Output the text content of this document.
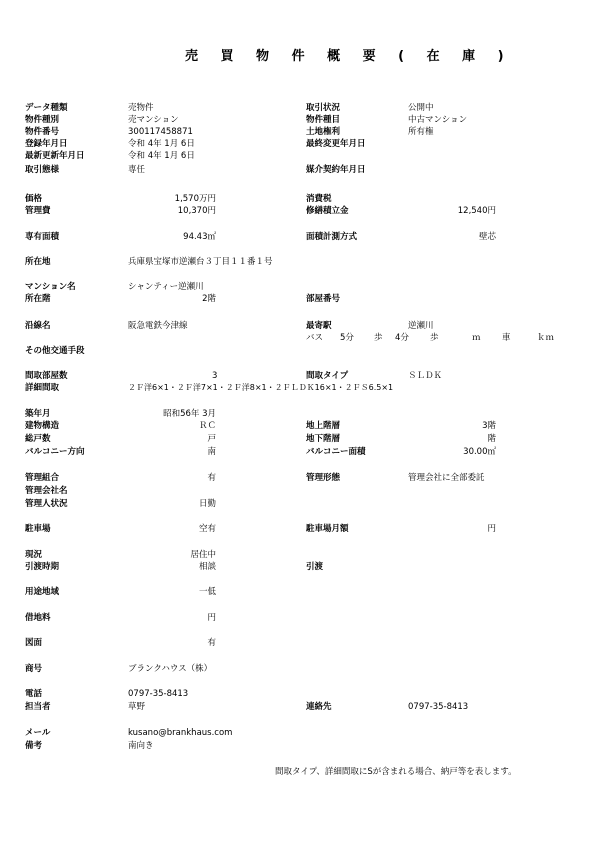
売 買 物 件 概 要 ( 在 庫 )
データ種類	売物件	取引状況	公開中
物件種別	売マンション	物件種目	中古マンション
物件番号	300117458871	土地権利	所有権
登録年月日	令和 4年 1月 6日	最終変更年月日
最新更新年月日	令和 4年 1月 6日
取引態様	専任	媒介契約年月日
価格	1,570万円	消費税
管理費	10,370円	修繕積立金	12,540円
専有面積	94.43㎡	面積計測方式	壁芯
所在地	兵庫県宝塚市逆瀬台３丁目１１番１号
マンション名	シャンティー逆瀬川
所在階	2階	部屋番号
沿線名	阪急電鉄今津線	最寄駅	逆瀬川
バス 5分 歩 4分 歩	ｍ	車	ｋｍ
その他交通手段
間取部屋数	3	間取タイプ	ＳＬＤＫ
詳細間取	２Ｆ洋6×1・２Ｆ洋7×1・２Ｆ洋8×1・２ＦＬＤＫ16×1・２ＦＳ6.5×1
築年月	昭和56年 3月
建物構造	ＲＣ	地上階層	3階
総戸数	戸	地下階層	階
バルコニー方向	南	バルコニー面積	30.00㎡
管理組合	有	管理形態	管理会社に全部委託
管理会社名
管理人状況	日勤
駐車場	空有	駐車場月額	円
現況	居住中
引渡時期	相談	引渡
用途地域	一低
借地料	円
図面	有
商号	ブランクハウス（株）
電話	0797-35-8413
担当者	草野	連絡先	0797-35-8413
メール	kusano@brankhaus.com
備考	南向き
間取タイプ、詳細間取にSが含まれる場合、納戸等を表します。
